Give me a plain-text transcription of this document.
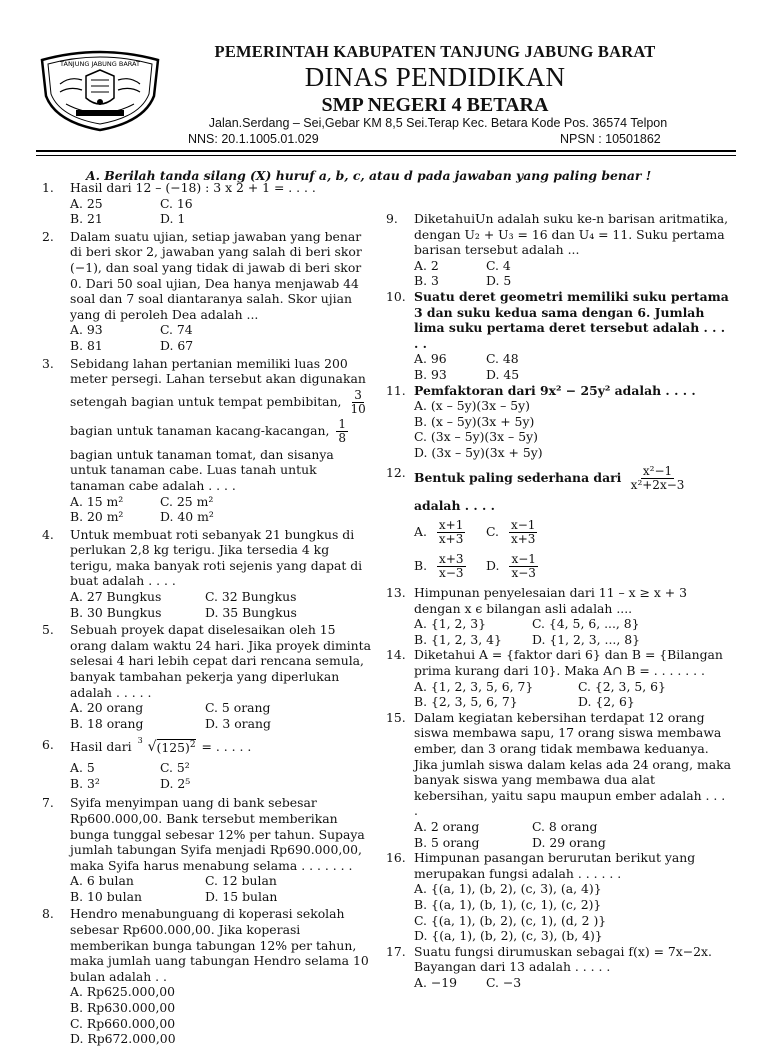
TANJUNG JABUNG BARAT
PEMERINTAH KABUPATEN TANJUNG JABUNG BARAT
DINAS PENDIDIKAN
SMP NEGERI 4 BETARA
Jalan.Serdang – Sei,Gebar KM 8,5 Sei.Terap Kec. Betara Kode Pos. 36574 Telpon
NNS: 20.1.1005.01.029	NPSN : 10501862
A. Berilah tanda silang (X) huruf a, b, c, atau d pada jawaban yang paling benar !
1. Hasil dari 12 – (−18) : 3 x 2 + 1 = . . . .
A. 25	C. 16
B. 21	D. 1
2. Dalam suatu ujian, setiap jawaban yang benar di beri skor 2, jawaban yang salah di beri skor (−1), dan soal yang tidak di jawab di beri skor 0. Dari 50 soal ujian, Dea hanya menjawab 44 soal dan 7 soal diantaranya salah. Skor ujian yang di peroleh Dea adalah ...
A. 93	C. 74
B. 81	D. 67
3. Sebidang lahan pertanian memiliki luas 200 meter persegi. Lahan tersebut akan digunakan
setengah bagian untuk tempat pembibitan, $\frac{3}{10}$
bagian untuk tanaman kacang-kacangan, $\frac{1}{8}$
bagian untuk tanaman tomat, dan sisanya untuk tanaman cabe. Luas tanah untuk tanaman cabe adalah . . . .
A. 15 m²	C. 25 m²
B. 20 m²	D. 40 m²
4. Untuk membuat roti sebanyak 21 bungkus di perlukan 2,8 kg terigu. Jika tersedia 4 kg terigu, maka banyak roti sejenis yang dapat di buat adalah . . . .
A. 27 Bungkus	C. 32 Bungkus
B. 30 Bungkus	D. 35 Bungkus
5. Sebuah proyek dapat diselesaikan oleh 15 orang dalam waktu 24 hari. Jika proyek diminta selesai 4 hari lebih cepat dari rencana semula, banyak tambahan pekerja yang diperlukan adalah . . . . .
A. 20 orang	C. 5 orang
B. 18 orang	D. 3 orang
6. Hasil dari 3 $√(125)^2$ = . . . . .
A. 5	C. 5²
B. 3²	D. 2⁵
7. Syifa menyimpan uang di bank sebesar Rp600.000,00. Bank tersebut memberikan bunga tunggal sebesar 12% per tahun. Supaya jumlah tabungan Syifa menjadi Rp690.000,00, maka Syifa harus menabung selama . . . . . . .
A. 6 bulan	C. 12 bulan
B. 10 bulan	D. 15 bulan
8. Hendro menabunguang di koperasi sekolah sebesar Rp600.000,00. Jika koperasi memberikan bunga tabungan 12% per tahun, maka jumlah uang tabungan Hendro selama 10 bulan adalah . .
A. Rp625.000,00
B. Rp630.000,00
C. Rp660.000,00
D. Rp672.000,00
9. DiketahuiUn adalah suku ke-n barisan aritmatika, dengan U₂ + U₃ = 16 dan U₄ = 11. Suku pertama barisan tersebut adalah ...
A. 2	C. 4
B. 3	D. 5
10. Suatu deret geometri memiliki suku pertama 3 dan suku kedua sama dengan 6. Jumlah lima suku pertama deret tersebut adalah . . . . .
A. 96	C. 48
B. 93	D. 45
11. Pemfaktoran dari 9x² − 25y² adalah . . . .
A. (x – 5y)(3x – 5y)
B. (x – 5y)(3x + 5y)
C. (3x – 5y)(3x – 5y)
D. (3x – 5y)(3x + 5y)
12. Bentuk paling sederhana dari $\frac{\text{x²−1}}{\text{x²+2x−3}}$
adalah . . . .
A. $\frac{x+1}{x+3} C$. $\frac{x-1}{x+3}$
B. $\frac{x+3}{x-3} D$. $\frac{x-1}{x-3}$
13. Himpunan penyelesaian dari 11 – x ≥ x + 3 dengan x ϵ bilangan asli adalah ....
A. {1, 2, 3}	C. {4, 5, 6, ..., 8}
B. {1, 2, 3, 4}	D. {1, 2, 3, ..., 8}
14. Diketahui A = {faktor dari 6} dan B = {Bilangan prima kurang dari 10}. Maka A∩ B = . . . . . . .
A. {1, 2, 3, 5, 6, 7}	C. {2, 3, 5, 6}
B. {2, 3, 5, 6, 7}	D. {2, 6}
15. Dalam kegiatan kebersihan terdapat 12 orang siswa membawa sapu, 17 orang siswa membawa ember, dan 3 orang tidak membawa keduanya. Jika jumlah siswa dalam kelas ada 24 orang, maka banyak siswa yang membawa dua alat kebersihan, yaitu sapu maupun ember adalah . . . .
A. 2 orang	C. 8 orang
B. 5 orang	D. 29 orang
16. Himpunan pasangan berurutan berikut yang merupakan fungsi adalah . . . . . .
A. {(a, 1), (b, 2), (c, 3), (a, 4)}
B. {(a, 1), (b, 1), (c, 1), (c, 2)}
C. {(a, 1), (b, 2), (c, 1), (d, 2 )}
D. {(a, 1), (b, 2), (c, 3), (b, 4)}
17. Suatu fungsi dirumuskan sebagai f(x) = 7x−2x. Bayangan dari 13 adalah . . . . .
A. −19	C. −3
